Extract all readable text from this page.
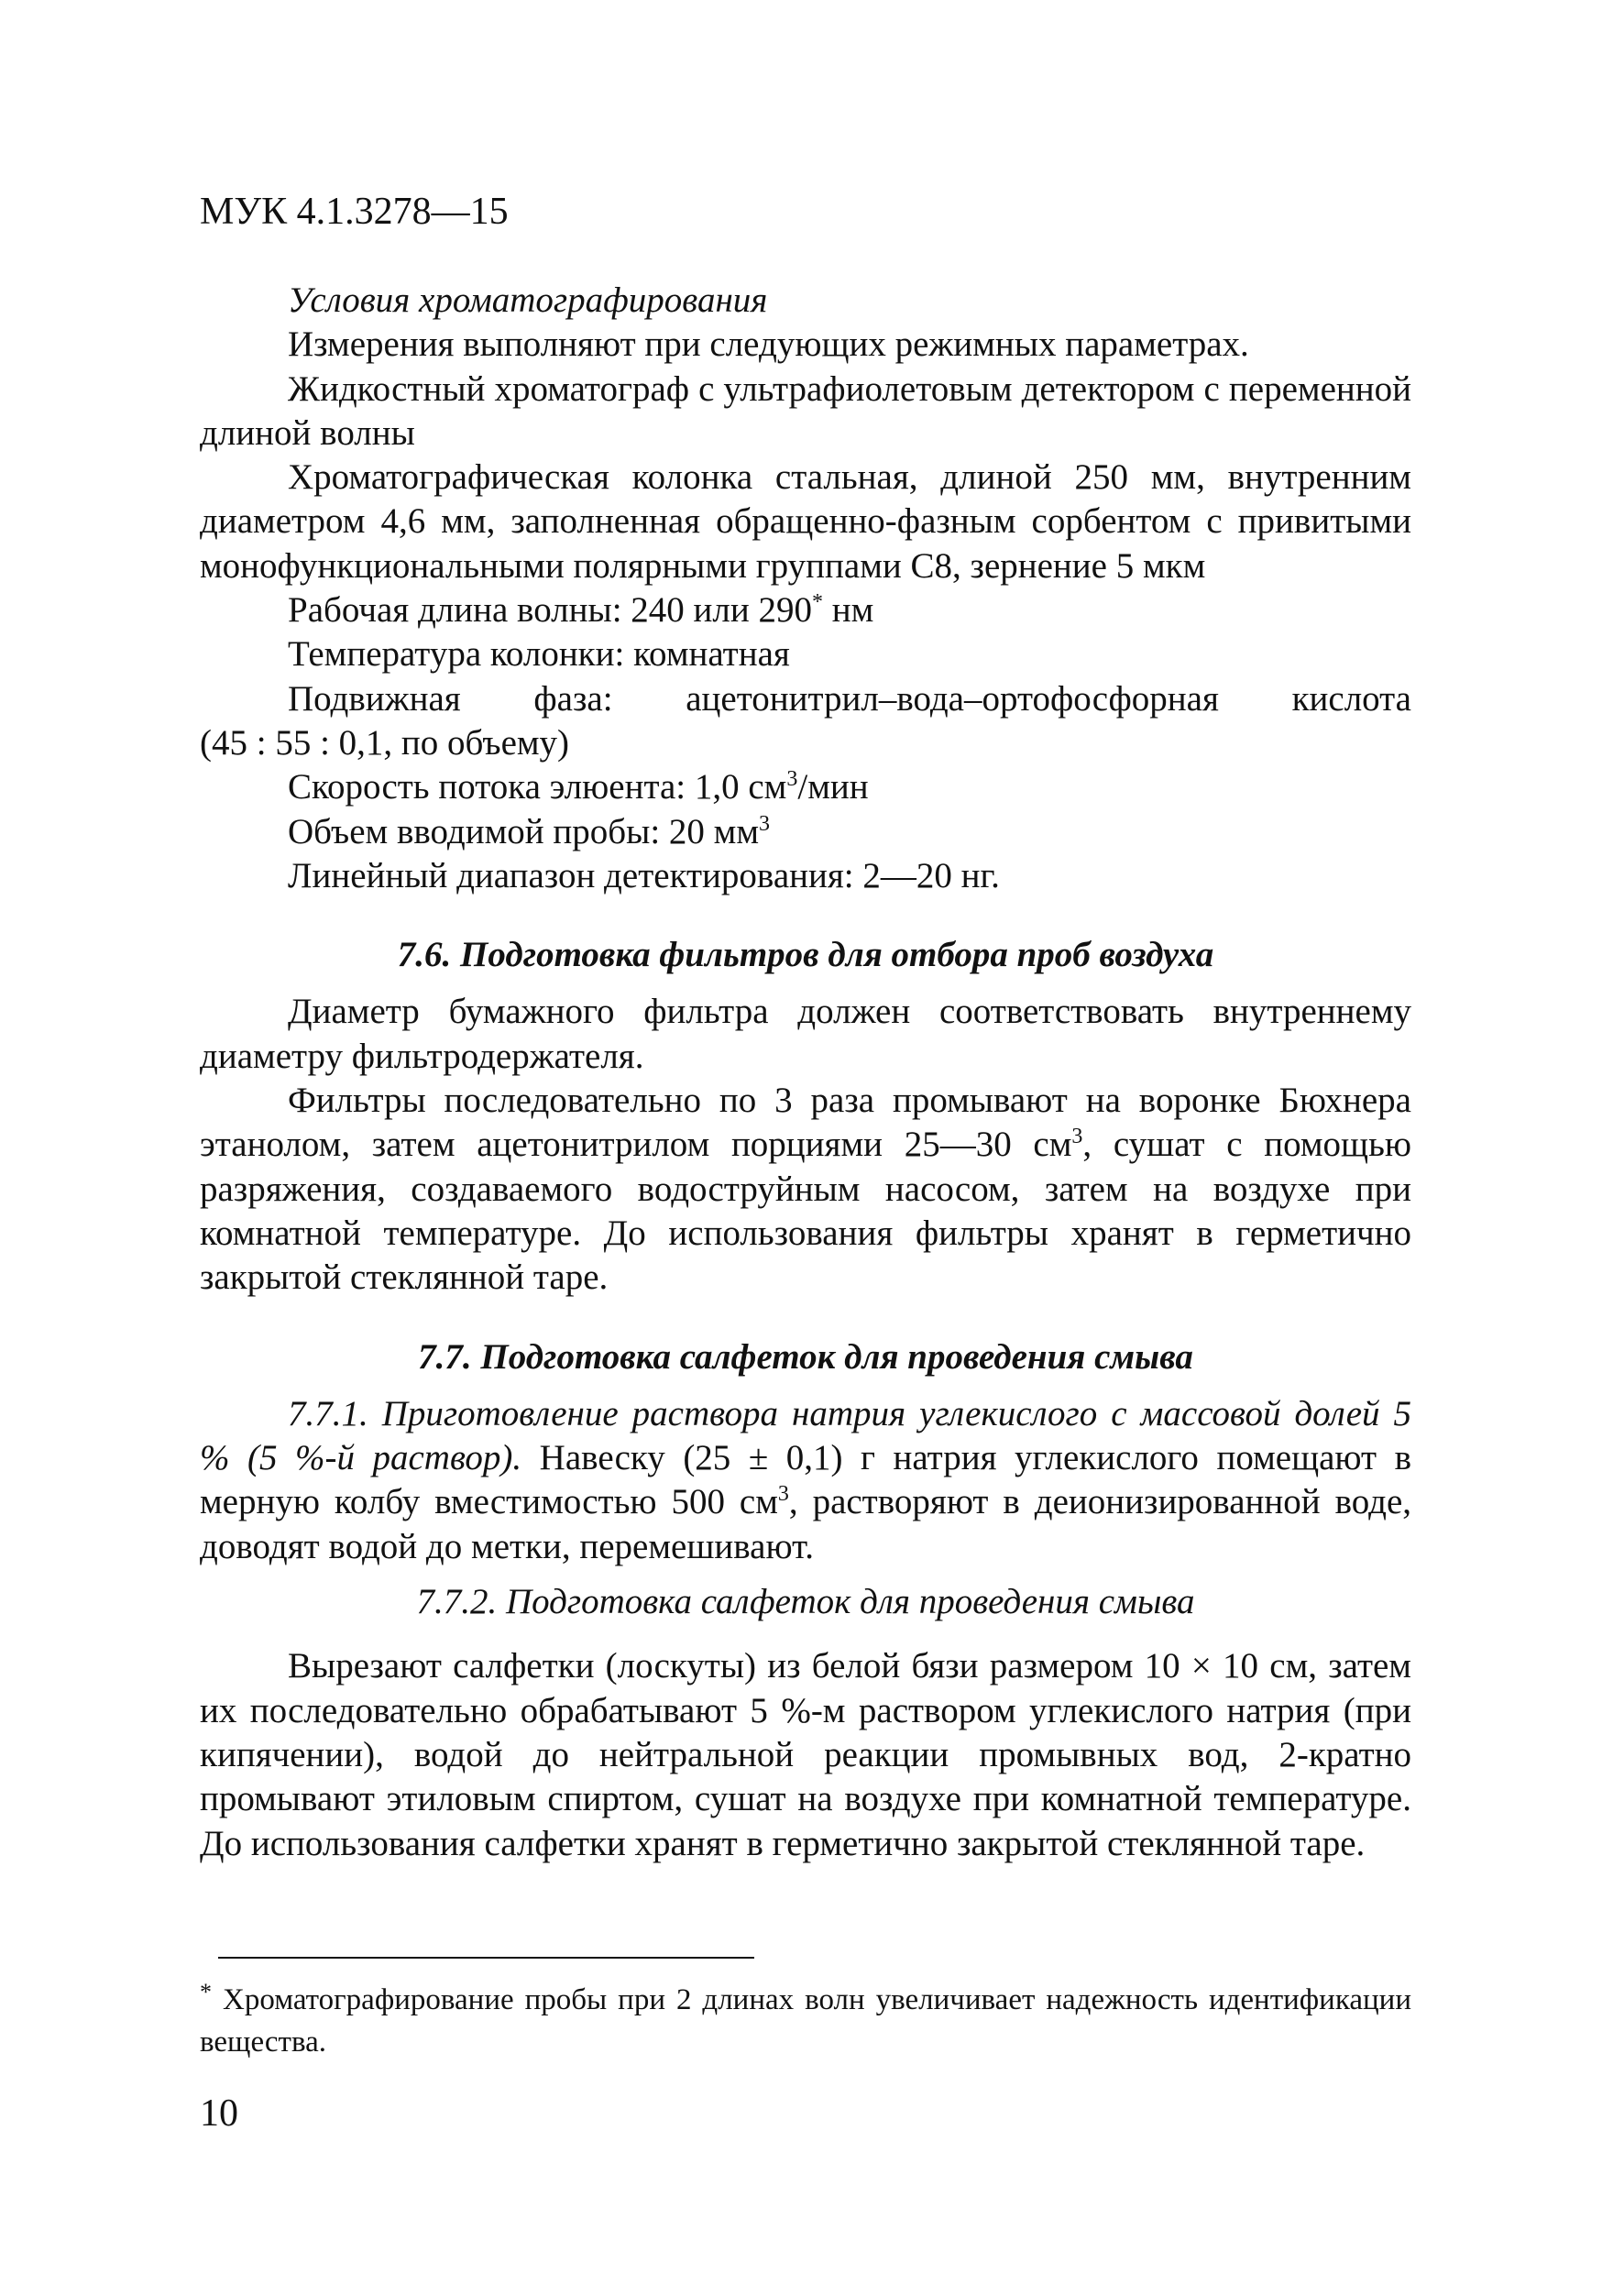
МУК 4.1.3278—15

Условия хроматографирования

Измерения выполняют при следующих режимных параметрах.

Жидкостный хроматограф с ультрафиолетовым детектором с переменной длиной волны

Хроматографическая колонка стальная, длиной 250 мм, внутренним диаметром 4,6 мм, заполненная обращенно-фазным сорбентом с привитыми монофункциональными полярными группами C8, зернение 5 мкм

Рабочая длина волны: 240 или 290* нм

Температура колонки: комнатная

Подвижная фаза: ацетонитрил–вода–ортофосфорная кислота

(45 : 55 : 0,1, по объему)

Скорость потока элюента: 1,0 $см^3$/мин

Объем вводимой пробы: 20 $мм^3$

Линейный диапазон детектирования: 2—20 нг.

7.6. Подготовка фильтров для отбора проб воздуха

Диаметр бумажного фильтра должен соответствовать внутреннему диаметру фильтродержателя.

Фильтры последовательно по 3 раза промывают на воронке Бюхнера этанолом, затем ацетонитрилом порциями 25—30 $см^3$, сушат с помощью разряжения, создаваемого водоструйным насосом, затем на воздухе при комнатной температуре. До использования фильтры хранят в герметично закрытой стеклянной таре.

7.7. Подготовка салфеток для проведения смыва

7.7.1. Приготовление раствора натрия углекислого с массовой долей 5 % (5 %-й раствор). Навеску (25 ± 0,1) г натрия углекислого помещают в мерную колбу вместимостью 500 $см^3$, растворяют в деионизированной воде, доводят водой до метки, перемешивают.

7.7.2. Подготовка салфеток для проведения смыва

Вырезают салфетки (лоскуты) из белой бязи размером 10 × 10 см, затем их последовательно обрабатывают 5 %-м раствором углекислого натрия (при кипячении), водой до нейтральной реакции промывных вод, 2-кратно промывают этиловым спиртом, сушат на воздухе при комнатной температуре. До использования салфетки хранят в герметично закрытой стеклянной таре.

* Хроматографирование пробы при 2 длинах волн увеличивает надежность идентификации вещества.
10
